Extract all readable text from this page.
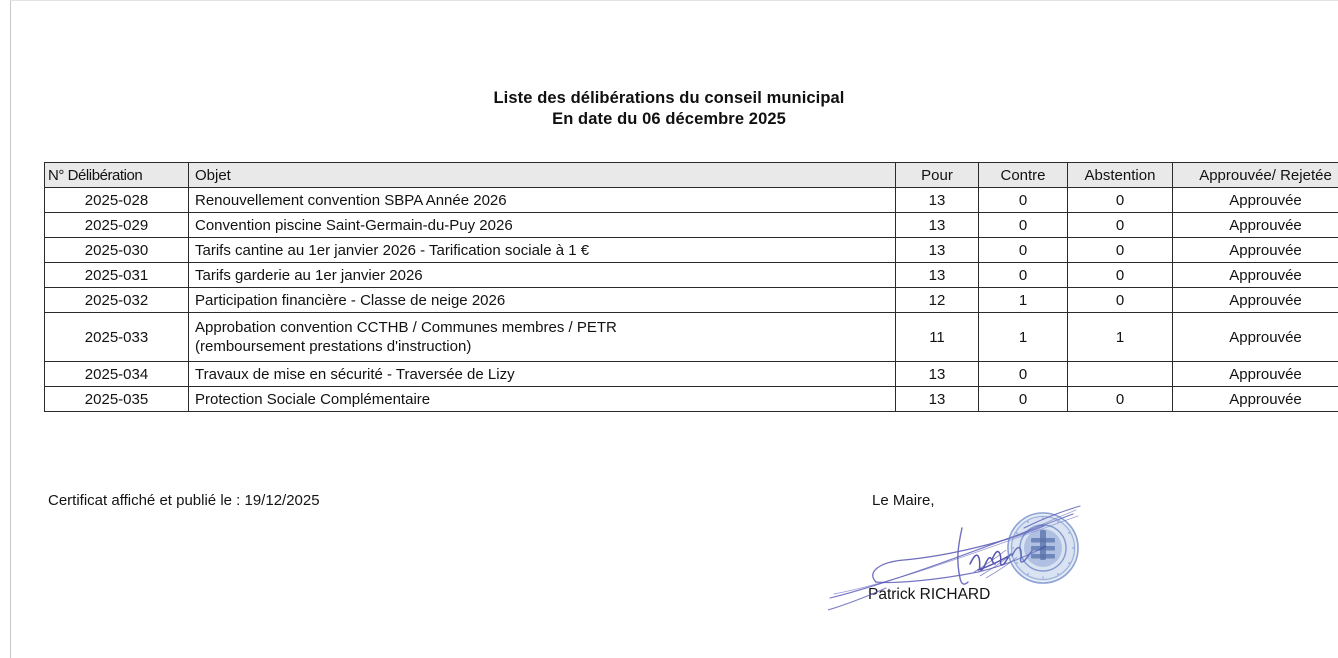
Liste des délibérations du conseil municipal
En date du 06 décembre 2025
N° Délibération	Objet	Pour	Contre	Abstention	Approuvée/ Rejetée
2025-028	Renouvellement convention SBPA Année 2026	13	0	0	Approuvée
2025-029	Convention piscine Saint-Germain-du-Puy 2026	13	0	0	Approuvée
2025-030	Tarifs cantine au 1er janvier 2026 - Tarification sociale à 1 €	13	0	0	Approuvée
2025-031	Tarifs garderie au 1er janvier 2026	13	0	0	Approuvée
2025-032	Participation financière - Classe de neige 2026	12	1	0	Approuvée
2025-033	Approbation convention CCTHB / Communes membres / PETR
(remboursement prestations d'instruction)	11	1	1	Approuvée
2025-034	Travaux de mise en sécurité - Traversée de Lizy	13	0		Approuvée
2025-035	Protection Sociale Complémentaire	13	0	0	Approuvée
Certificat affiché et publié le : 19/12/2025	Le Maire,
Patrick RICHARD
